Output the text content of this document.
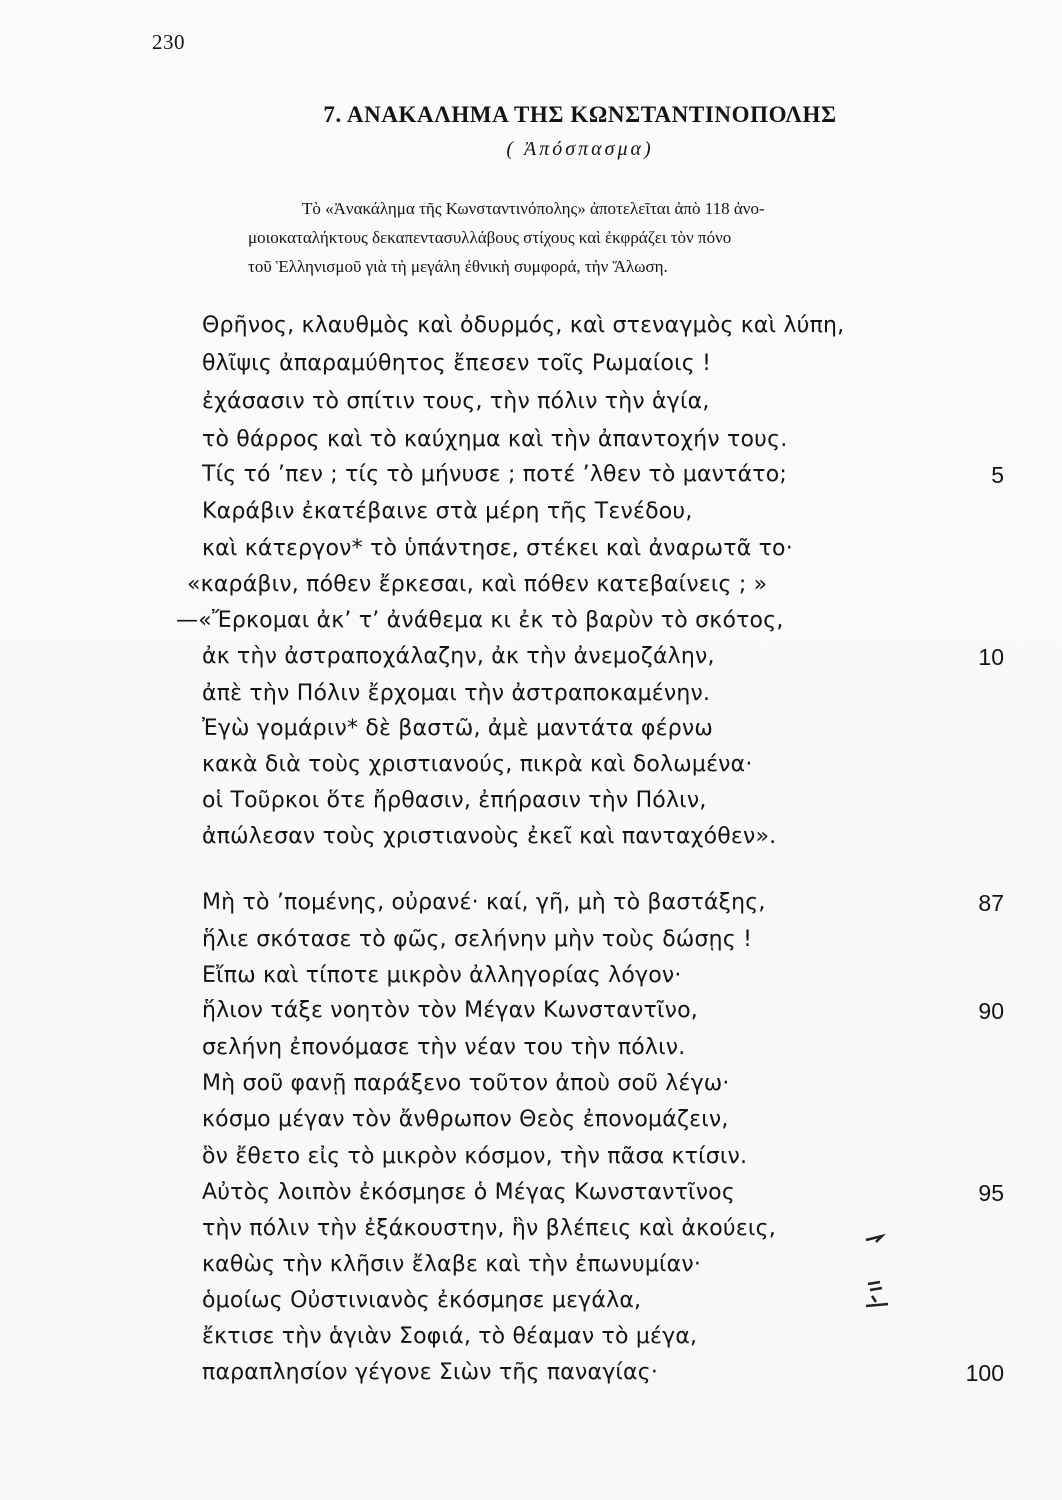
230
7. ΑΝΑΚΑΛΗΜΑ ΤΗΣ ΚΩΝΣΤΑΝΤΙΝΟΠΟΛΗΣ
( Ἀπόσπασμα)
Τὸ «Ἀνακάλημα τῆς Κωνσταντινόπολης» ἀποτελεῖται ἀπὸ 118 ἀνο-
μοιοκαταλήκτους δεκαπεντασυλλάβους στίχους καὶ ἐκφράζει τὸν πόνο
τοῦ Ἑλληνισμοῦ γιὰ τὴ μεγάλη ἐθνικὴ συμφορά, τὴν Ἅλωση.
Θρῆνος, κλαυθμὸς καὶ ὀδυρμός, καὶ στεναγμὸς καὶ λύπη,
θλῖψις ἀπαραμύθητος ἔπεσεν τοῖς Ρωμαίοις !
ἐχάσασιν τὸ σπίτιν τους, τὴν πόλιν τὴν ἁγία,
τὸ θάρρος καὶ τὸ καύχημα καὶ τὴν ἀπαντοχήν τους.
Τίς τό ’πεν ; τίς τὸ μήνυσε ; ποτέ ’λθεν τὸ μαντάτο;	5
Καράβιν ἐκατέβαινε στὰ μέρη τῆς Τενέδου,
καὶ κάτεργον* τὸ ὑπάντησε, στέκει καὶ ἀναρωτᾶ το·
«καράβιν, πόθεν ἔρκεσαι, καὶ πόθεν κατεβαίνεις ; »
—«Ἔρκομαι ἀκ’ τ’ ἀνάθεμα κι ἐκ τὸ βαρὺν τὸ σκότος,
ἀκ τὴν ἀστραποχάλαζην, ἀκ τὴν ἀνεμοζάλην,	10
ἀπὲ τὴν Πόλιν ἔρχομαι τὴν ἀστραποκαμένην.
Ἐγὼ γομάριν* δὲ βαστῶ, ἀμὲ μαντάτα φέρνω
κακὰ διὰ τοὺς χριστιανούς, πικρὰ καὶ δολωμένα·
οἱ Τοῦρκοι ὅτε ἤρθασιν, ἐπήρασιν τὴν Πόλιν,
ἀπώλεσαν τοὺς χριστιανοὺς ἐκεῖ καὶ πανταχόθεν».
Μὴ τὸ ’πομένης, οὐρανέ· καί, γῆ, μὴ τὸ βαστάξης,	87
ἥλιε σκότασε τὸ φῶς, σελήνην μὴν τοὺς δώσῃς !
Εἴπω καὶ τίποτε μικρὸν ἀλληγορίας λόγον·
ἥλιον τάξε νοητὸν τὸν Μέγαν Κωνσταντῖνο,	90
σελήνη ἐπονόμασε τὴν νέαν του τὴν πόλιν.
Μὴ σοῦ φανῇ παράξενο τοῦτον ἀποὺ σοῦ λέγω·
κόσμο μέγαν τὸν ἄνθρωπον Θεὸς ἐπονομάζειν,
ὃν ἔθετο εἰς τὸ μικρὸν κόσμον, τὴν πᾶσα κτίσιν.
Αὐτὸς λοιπὸν ἐκόσμησε ὁ Μέγας Κωνσταντῖνος	95
τὴν πόλιν τὴν ἐξάκουστην, ἣν βλέπεις καὶ ἀκούεις,
καθὼς τὴν κλῆσιν ἔλαβε καὶ τὴν ἐπωνυμίαν·
ὁμοίως Οὐστινιανὸς ἐκόσμησε μεγάλα,
ἔκτισε τὴν ἁγιὰν Σοφιά, τὸ θέαμαν τὸ μέγα,
παραπλησίον γέγονε Σιὼν τῆς παναγίας·	100
